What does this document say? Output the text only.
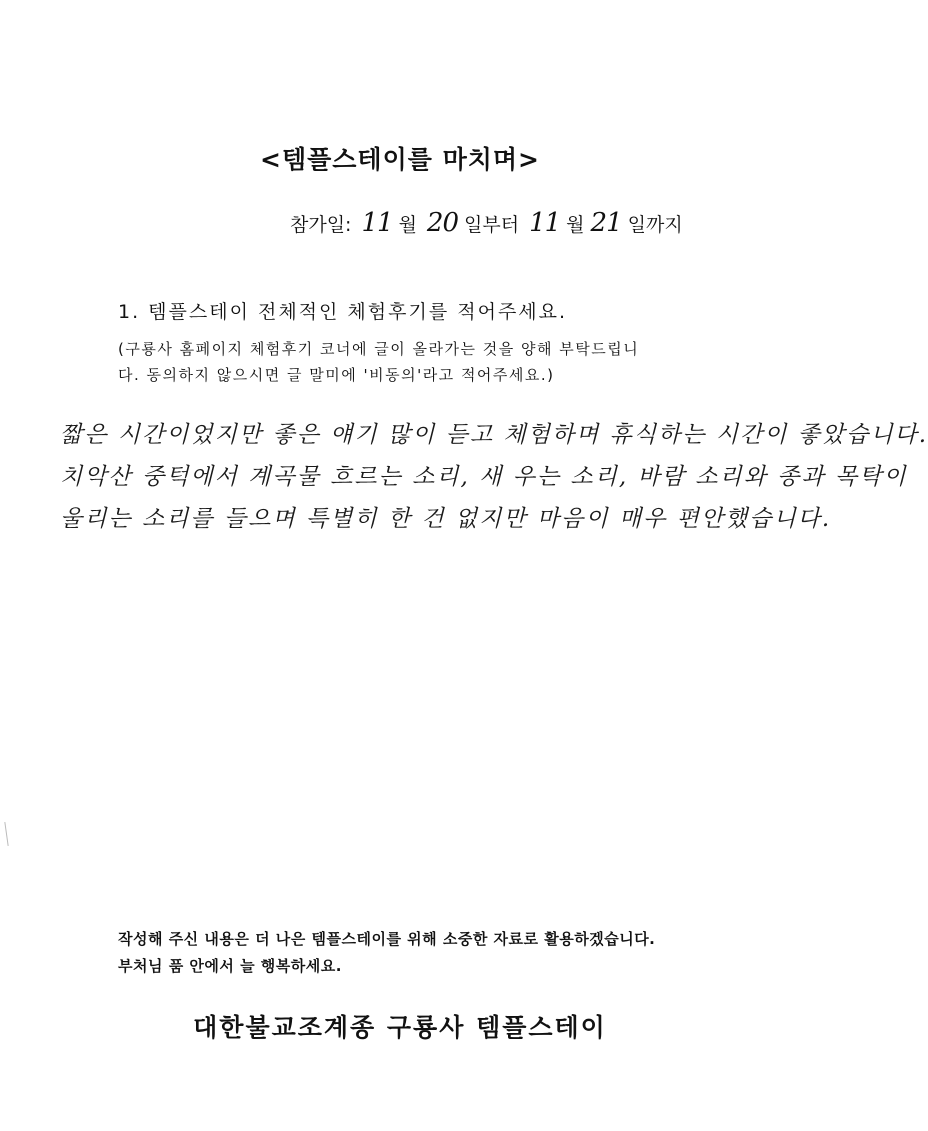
<템플스테이를 마치며>
참가일: 11 월 20 일부터 11 월 21 일까지
1. 템플스테이 전체적인 체험후기를 적어주세요.
(구룡사 홈페이지 체험후기 코너에 글이 올라가는 것을 양해 부탁드립니
다. 동의하지 않으시면 글 말미에 '비동의'라고 적어주세요.)
짧은 시간이었지만 좋은 얘기 많이 듣고 체험하며 휴식하는 시간이 좋았습니다.
치악산 중턱에서 계곡물 흐르는 소리, 새 우는 소리, 바람 소리와 종과 목탁이
울리는 소리를 들으며 특별히 한 건 없지만 마음이 매우 편안했습니다.
작성해 주신 내용은 더 나은 템플스테이를 위해 소중한 자료로 활용하겠습니다.
부처님 품 안에서 늘 행복하세요.
대한불교조계종 구룡사 템플스테이
